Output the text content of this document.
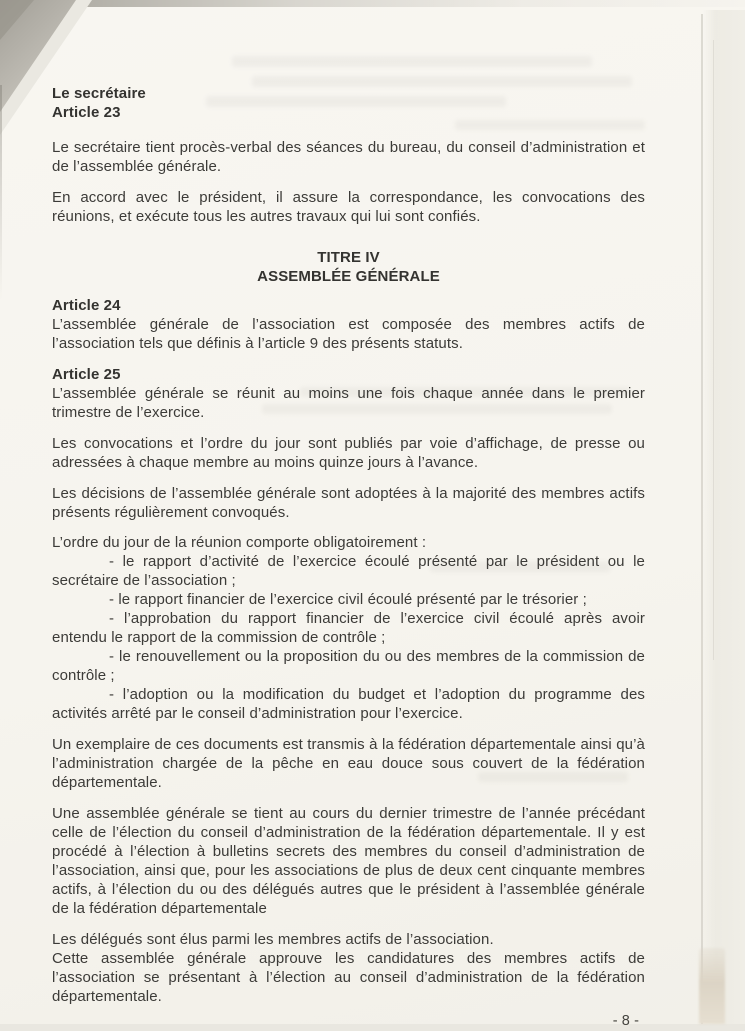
Le secrétaire
Article 23

Le secrétaire tient procès-verbal des séances du bureau, du conseil d’administration et de l’assemblée générale.

En accord avec le président, il assure la correspondance, les convocations des réunions, et exécute tous les autres travaux qui lui sont confiés.

TITRE IV
ASSEMBLÉE GÉNÉRALE
Article 24

L’assemblée générale de l’association est composée des membres actifs de l’association tels que définis à l’article 9 des présents statuts.

Article 25

L’assemblée générale se réunit au moins une fois chaque année dans le premier trimestre de l’exercice.

Les convocations et l’ordre du jour sont publiés par voie d’affichage, de presse ou adressées à chaque membre au moins quinze jours à l’avance.

Les décisions de l’assemblée générale sont adoptées à la majorité des membres actifs présents régulièrement convoqués.

L’ordre du jour de la réunion comporte obligatoirement :
- le rapport d’activité de l’exercice écoulé présenté par le président ou le secrétaire de l’association ;
- le rapport financier de l’exercice civil écoulé présenté par le trésorier ;
- l’approbation du rapport financier de l’exercice civil écoulé après avoir entendu le rapport de la commission de contrôle ;
- le renouvellement ou la proposition du ou des membres de la commission de contrôle ;
- l’adoption ou la modification du budget et l’adoption du programme des activités arrêté par le conseil d’administration pour l’exercice.

Un exemplaire de ces documents est transmis à la fédération départementale ainsi qu’à l’administration chargée de la pêche en eau douce sous couvert de la fédération départementale.

Une assemblée générale se tient au cours du dernier trimestre de l’année précédant celle de l’élection du conseil d’administration de la fédération départementale. Il y est procédé à l’élection à bulletins secrets des membres du conseil d’administration de l’association, ainsi que, pour les associations de plus de deux cent cinquante membres actifs, à l’élection du ou des délégués autres que le président à l’assemblée générale de la fédération départementale

Les délégués sont élus parmi les membres actifs de l’association.
Cette assemblée générale approuve les candidatures des membres actifs de l’association se présentant à l’élection au conseil d’administration de la fédération départementale.
- 8 -
